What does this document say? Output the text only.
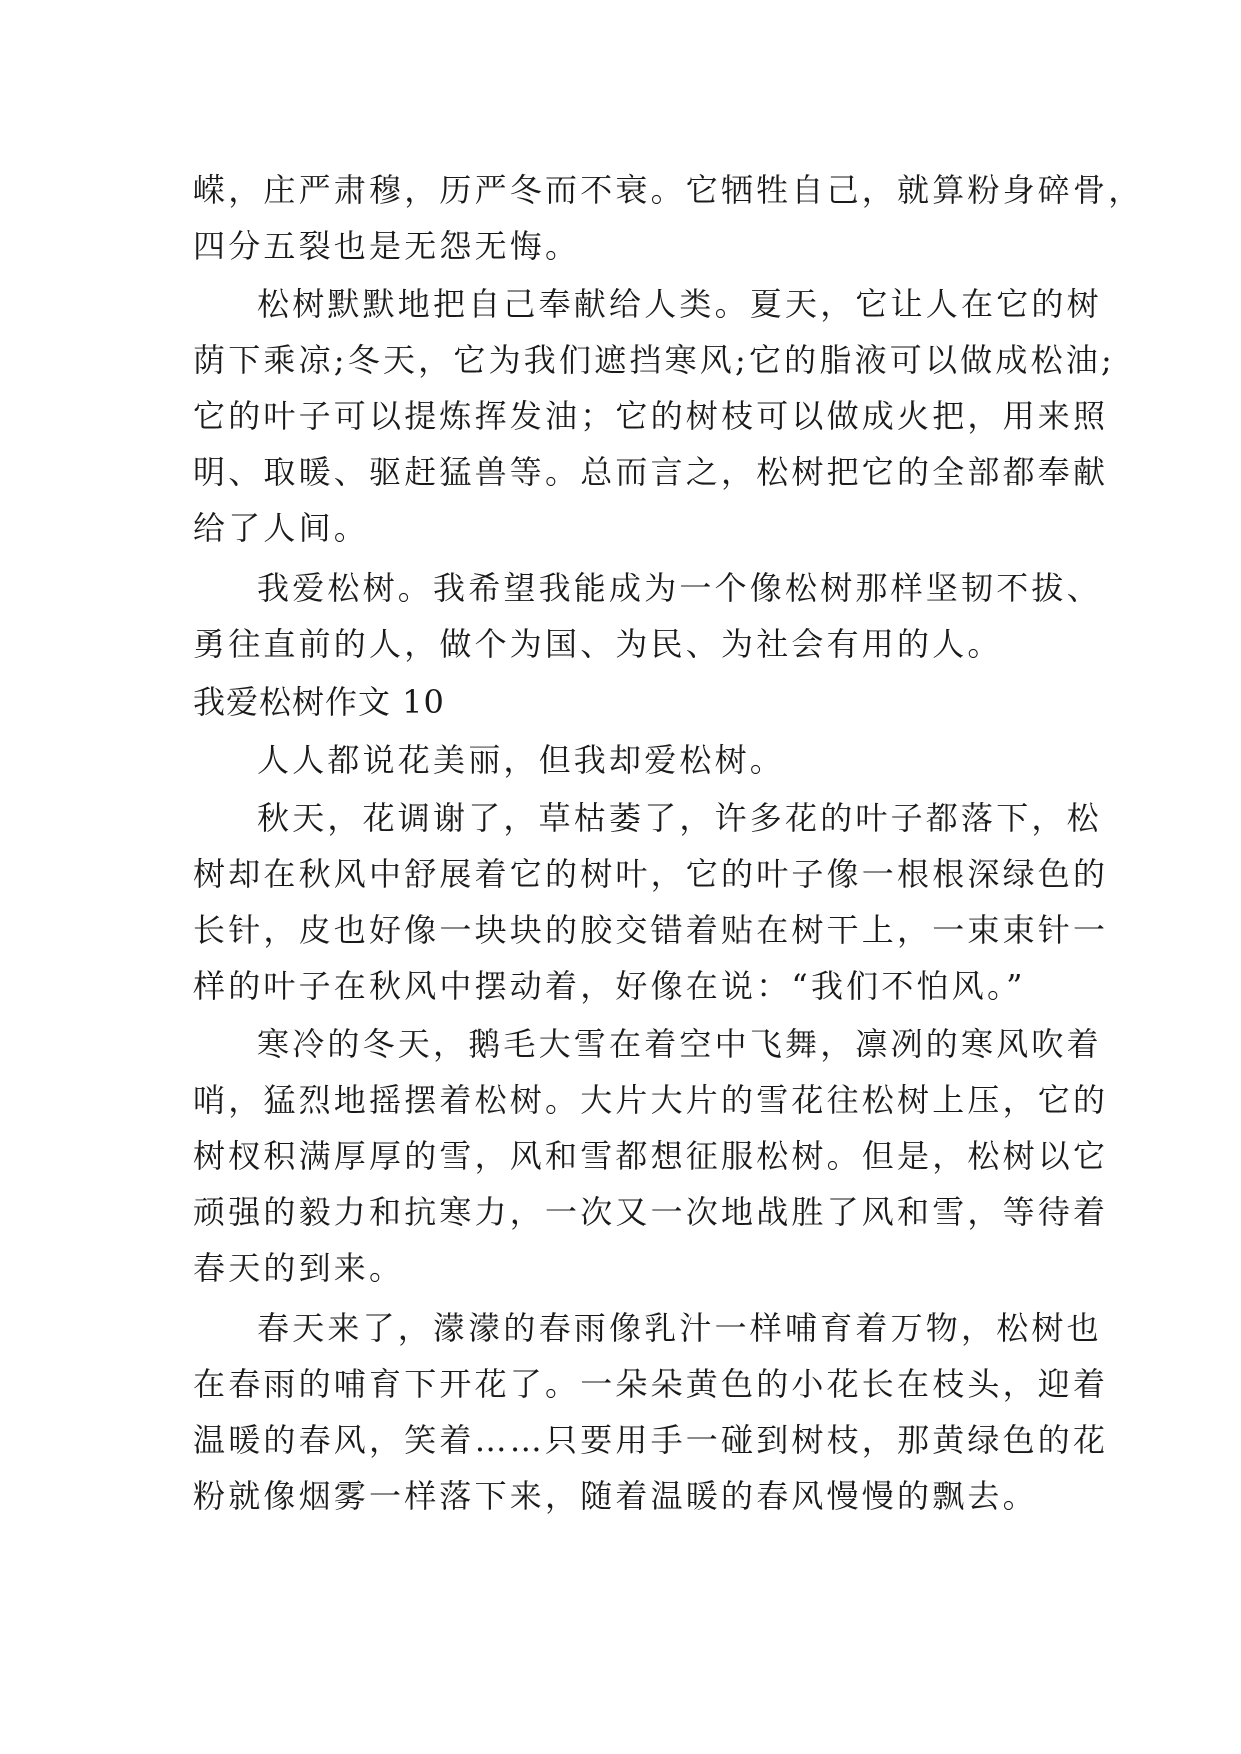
嵘，庄严肃穆，历严冬而不衰。它牺牲自己，就算粉身碎骨，
四分五裂也是无怨无悔。
松树默默地把自己奉献给人类。夏天，它让人在它的树
荫下乘凉;冬天，它为我们遮挡寒风;它的脂液可以做成松油;
它的叶子可以提炼挥发油；它的树枝可以做成火把，用来照
明、取暖、驱赶猛兽等。总而言之，松树把它的全部都奉献
给了人间。
我爱松树。我希望我能成为一个像松树那样坚韧不拔、
勇往直前的人，做个为国、为民、为社会有用的人。
我爱松树作文 10
人人都说花美丽，但我却爱松树。
秋天，花调谢了，草枯萎了，许多花的叶子都落下，松
树却在秋风中舒展着它的树叶，它的叶子像一根根深绿色的
长针，皮也好像一块块的胶交错着贴在树干上，一束束针一
样的叶子在秋风中摆动着，好像在说：“我们不怕风。”
寒冷的冬天，鹅毛大雪在着空中飞舞，凛冽的寒风吹着
哨，猛烈地摇摆着松树。大片大片的雪花往松树上压，它的
树杈积满厚厚的雪，风和雪都想征服松树。但是，松树以它
顽强的毅力和抗寒力，一次又一次地战胜了风和雪，等待着
春天的到来。
春天来了，濛濛的春雨像乳汁一样哺育着万物，松树也
在春雨的哺育下开花了。一朵朵黄色的小花长在枝头，迎着
温暖的春风，笑着……只要用手一碰到树枝，那黄绿色的花
粉就像烟雾一样落下来，随着温暖的春风慢慢的飘去。
